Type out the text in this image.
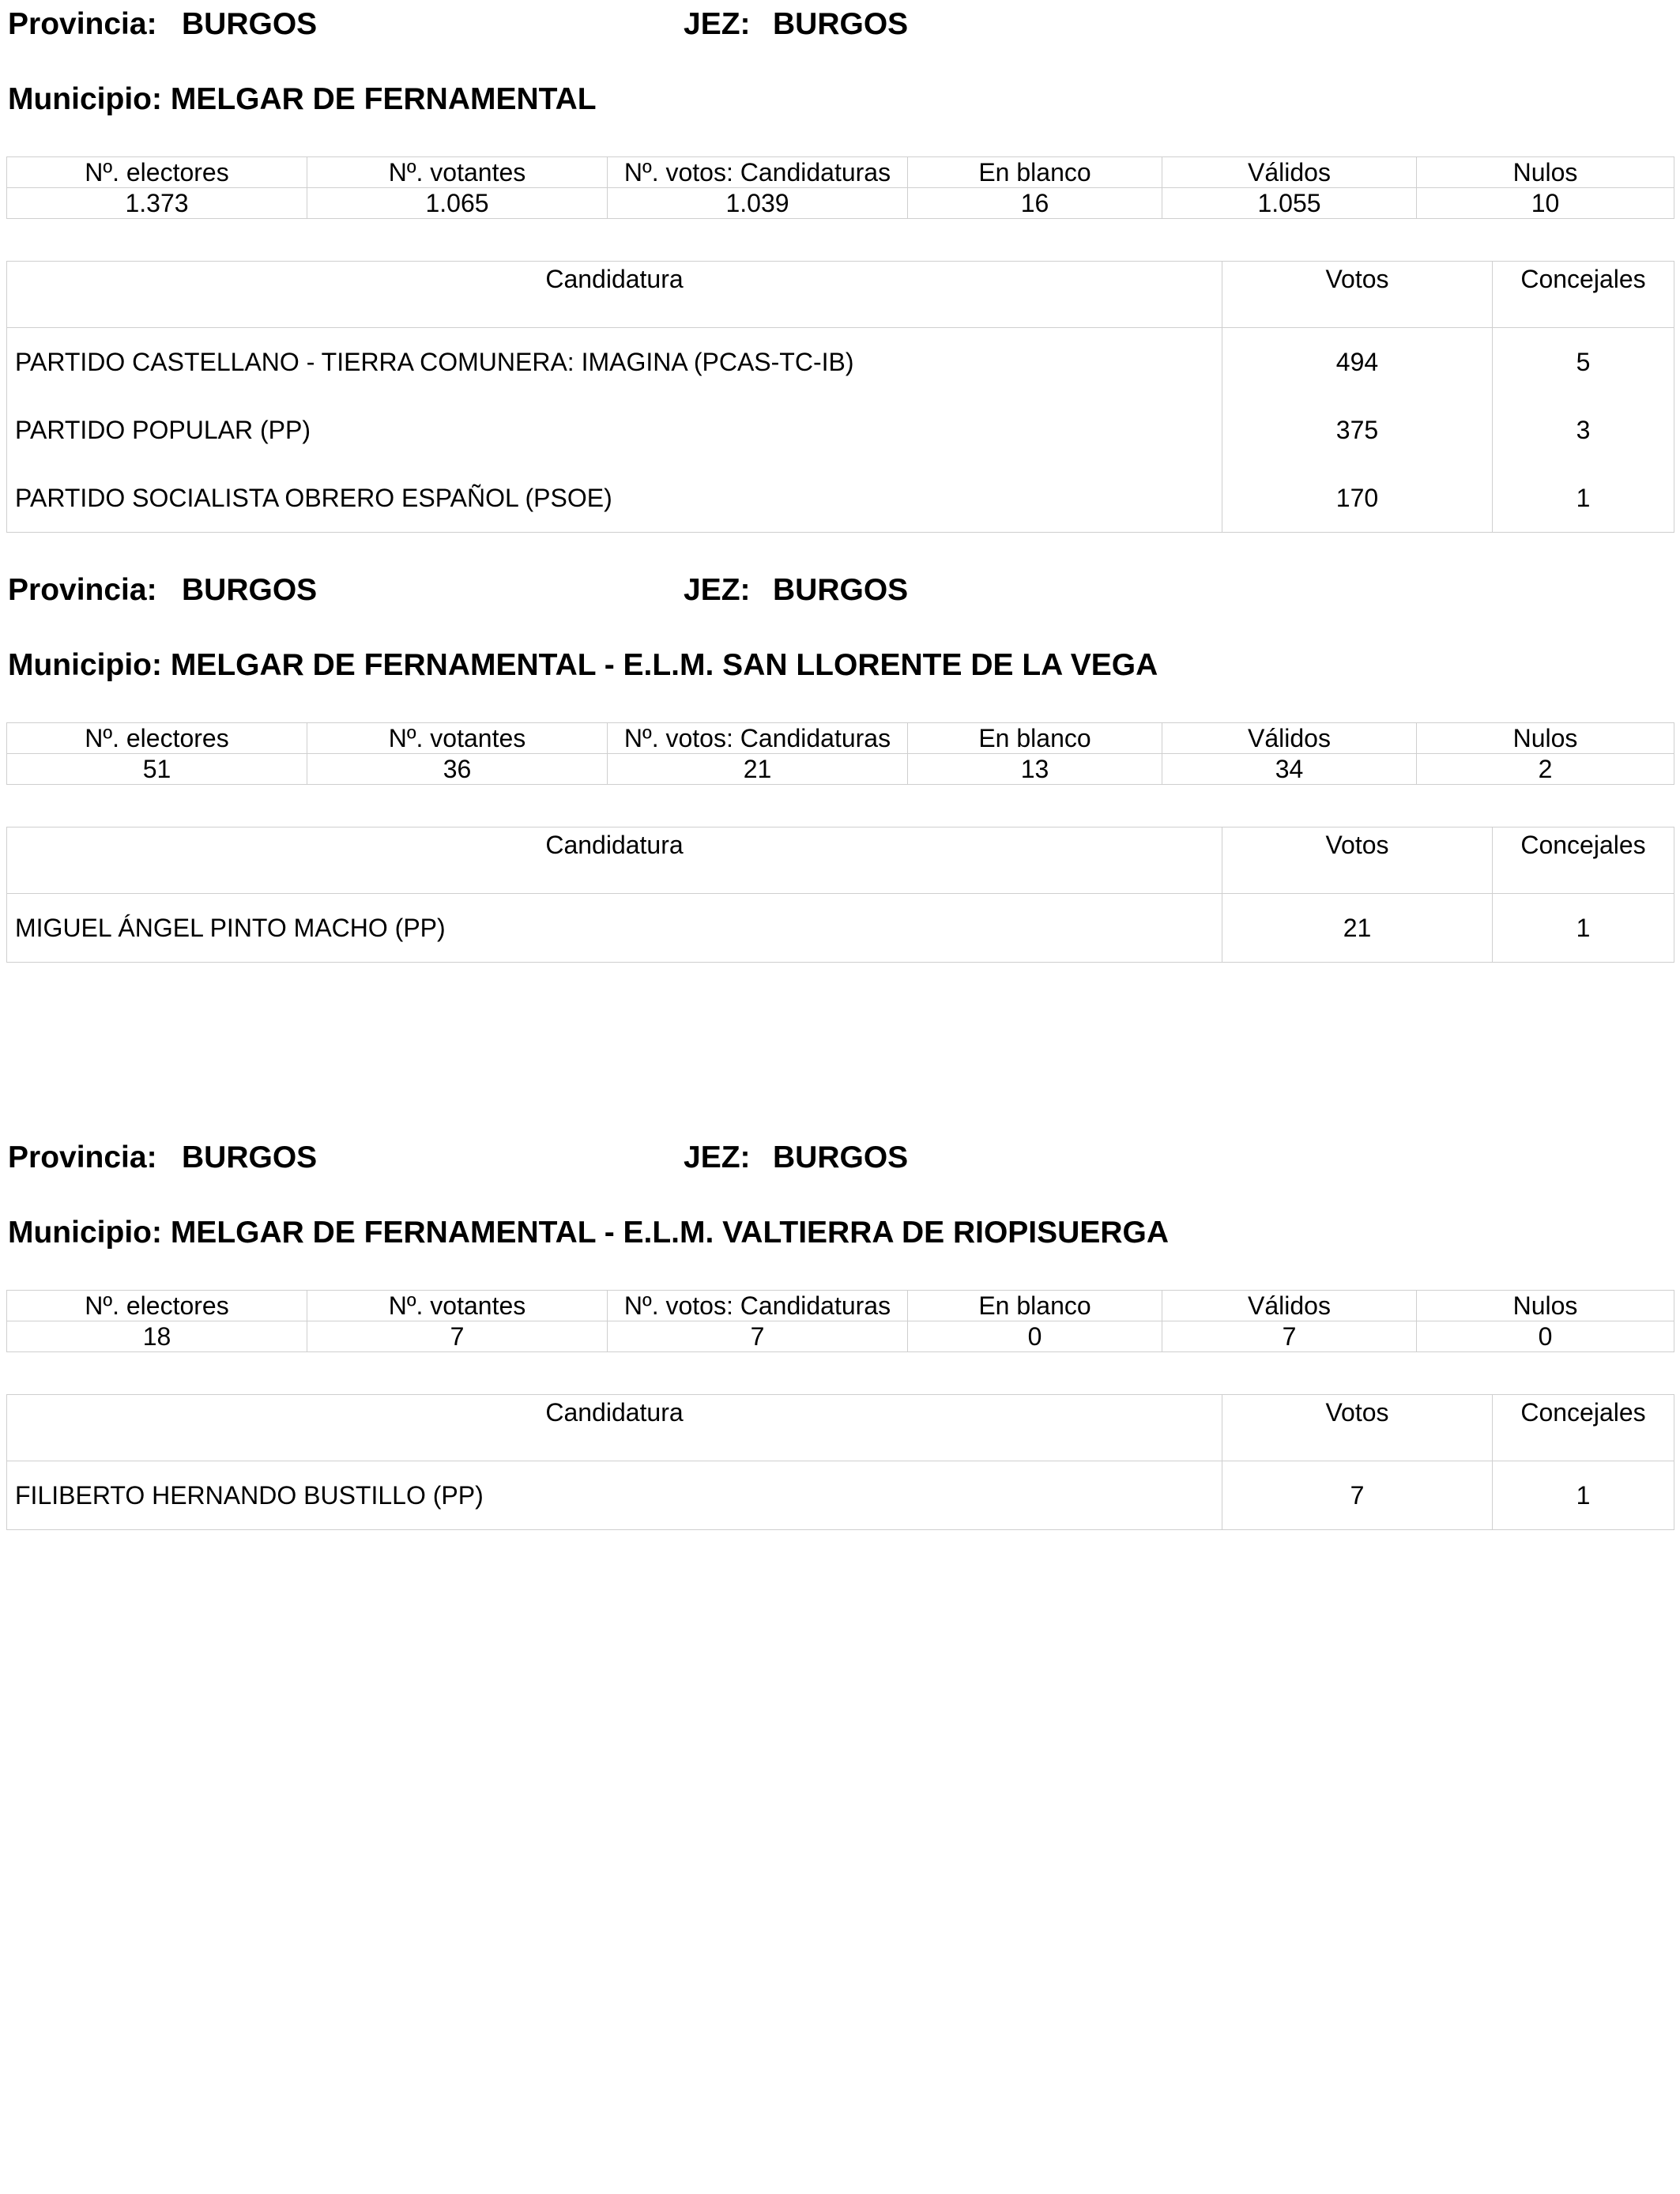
Provincia: BURGOS	JEZ: BURGOS
Municipio: MELGAR DE FERNAMENTAL
Nº. electores	Nº. votantes	Nº. votos: Candidaturas	En blanco	Válidos	Nulos
1.373	1.065	1.039	16	1.055	10
Candidatura	Votos	Concejales
PARTIDO CASTELLANO - TIERRA COMUNERA: IMAGINA (PCAS-TC-IB)	494	5
PARTIDO POPULAR (PP)	375	3
PARTIDO SOCIALISTA OBRERO ESPAÑOL (PSOE)	170	1
Provincia: BURGOS	JEZ: BURGOS
Municipio: MELGAR DE FERNAMENTAL - E.L.M. SAN LLORENTE DE LA VEGA
Nº. electores	Nº. votantes	Nº. votos: Candidaturas	En blanco	Válidos	Nulos
51	36	21	13	34	2
Candidatura	Votos	Concejales
MIGUEL ÁNGEL PINTO MACHO (PP)	21	1
Provincia: BURGOS	JEZ: BURGOS
Municipio: MELGAR DE FERNAMENTAL - E.L.M. VALTIERRA DE RIOPISUERGA
Nº. electores	Nº. votantes	Nº. votos: Candidaturas	En blanco	Válidos	Nulos
18	7	7	0	7	0
Candidatura	Votos	Concejales
FILIBERTO HERNANDO BUSTILLO (PP)	7	1
